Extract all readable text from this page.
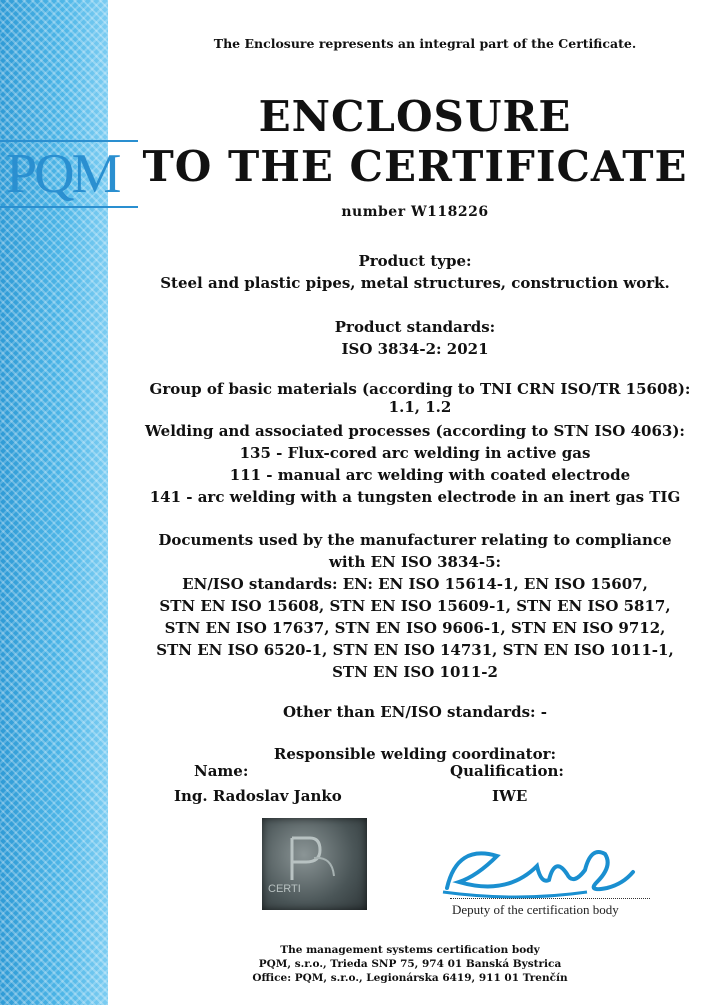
PQM
The Enclosure represents an integral part of the Certificate.
ENCLOSURE
TO THE CERTIFICATE
number W118226
Product type:
Steel and plastic pipes, metal structures, construction work.
Product standards:
ISO 3834-2: 2021
Welding and associated processes (according to STN ISO 4063):
135 - Flux-cored arc welding in active gas
111 - manual arc welding with coated electrode
141 - arc welding with a tungsten electrode in an inert gas TIG
Documents used by the manufacturer relating to compliance
with EN ISO 3834-5:
EN/ISO standards: EN: EN ISO 15614-1, EN ISO 15607,
STN EN ISO 15608, STN EN ISO 15609-1, STN EN ISO 5817,
STN EN ISO 17637, STN EN ISO 9606-1, STN EN ISO 9712,
STN EN ISO 6520-1, STN EN ISO 14731, STN EN ISO 1011-1,
STN EN ISO 1011-2
Other than EN/ISO standards: -
Responsible welding coordinator:
Name:	Qualification:
Ing. Radoslav Janko	IWE
Group of basic materials (according to TNI CRN ISO/TR 15608): 1.1, 1.2
CERTI
Deputy of the certification body
The management systems certification body
PQM, s.r.o., Trieda SNP 75, 974 01 Banská Bystrica
Office: PQM, s.r.o., Legionárska 6419, 911 01 Trenčín
